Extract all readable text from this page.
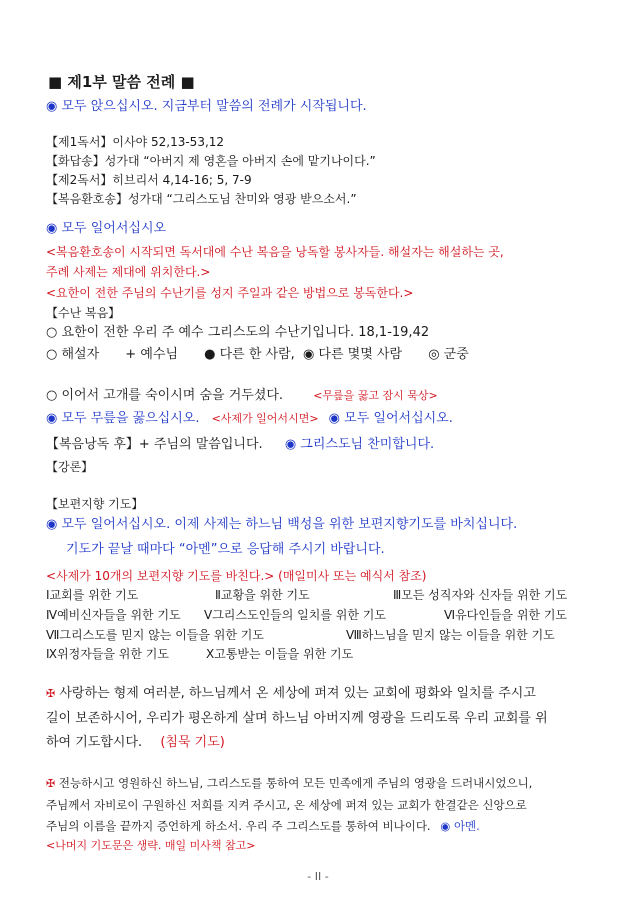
■ 제1부 말씀 전례 ■
◉ 모두 앉으십시오. 지금부터 말씀의 전례가 시작됩니다.
【제1독서】이사야 52,13-53,12
【화답송】성가대 “아버지 제 영혼을 아버지 손에 맡기나이다.”
【제2독서】히브리서 4,14-16; 5, 7-9
【복음환호송】성가대 “그리스도님 찬미와 영광 받으소서.”
◉ 모두 일어서십시오
<복음환호송이 시작되면 독서대에 수난 복음을 낭독할 봉사자들. 해설자는 해설하는 곳,
주례 사제는 제대에 위치한다.>
<요한이 전한 주님의 수난기를 성지 주일과 같은 방법으로 봉독한다.>
【수난 복음】
○ 요한이 전한 우리 주 예수 그리스도의 수난기입니다. 18,1-19,42
○ 해설자 + 예수님 ● 다른 한 사람, ◉ 다른 몇몇 사람 ◎ 군중
○ 이어서 고개를 숙이시며 숨을 거두셨다.	<무릎을 꿇고 잠시 묵상>
◉ 모두 무릎을 꿇으십시오. <사제가 일어서시면> ◉ 모두 일어서십시오.
【복음낭독 후】+ 주님의 말씀입니다. ◉ 그리스도님 찬미합니다.
【강론】
【보편지향 기도】
◉ 모두 일어서십시오. 이제 사제는 하느님 백성을 위한 보편지향기도를 바치십니다.
기도가 끝날 때마다 “아멘”으로 응답해 주시기 바랍니다.
<사제가 10개의 보편지향 기도를 바친다.> (매일미사 또는 예식서 참조)
Ⅰ교회를 위한 기도	Ⅱ교황을 위한 기도	Ⅲ모든 성직자와 신자들 위한 기도
Ⅳ예비신자들을 위한 기도 Ⅴ그리스도인들의 일치를 위한 기도	Ⅵ유다인들을 위한 기도
Ⅶ그리스도를 믿지 않는 이들을 위한 기도	Ⅷ하느님을 믿지 않는 이들을 위한 기도
Ⅸ위정자들을 위한 기도	Ⅹ고통받는 이들을 위한 기도
✠ 사랑하는 형제 여러분, 하느님께서 온 세상에 퍼져 있는 교회에 평화와 일치를 주시고
길이 보존하시어, 우리가 평온하게 살며 하느님 아버지께 영광을 드리도록 우리 교회를 위
하여 기도합시다. (침묵 기도)
✠ 전능하시고 영원하신 하느님, 그리스도를 통하여 모든 민족에게 주님의 영광을 드러내시었으니,
주님께서 자비로이 구원하신 저희를 지켜 주시고, 온 세상에 퍼져 있는 교회가 한결같은 신앙으로
주님의 이름을 끝까지 증언하게 하소서. 우리 주 그리스도를 통하여 비나이다. ◉ 아멘.
<나머지 기도문은 생략. 매일 미사책 참고>
- II -
